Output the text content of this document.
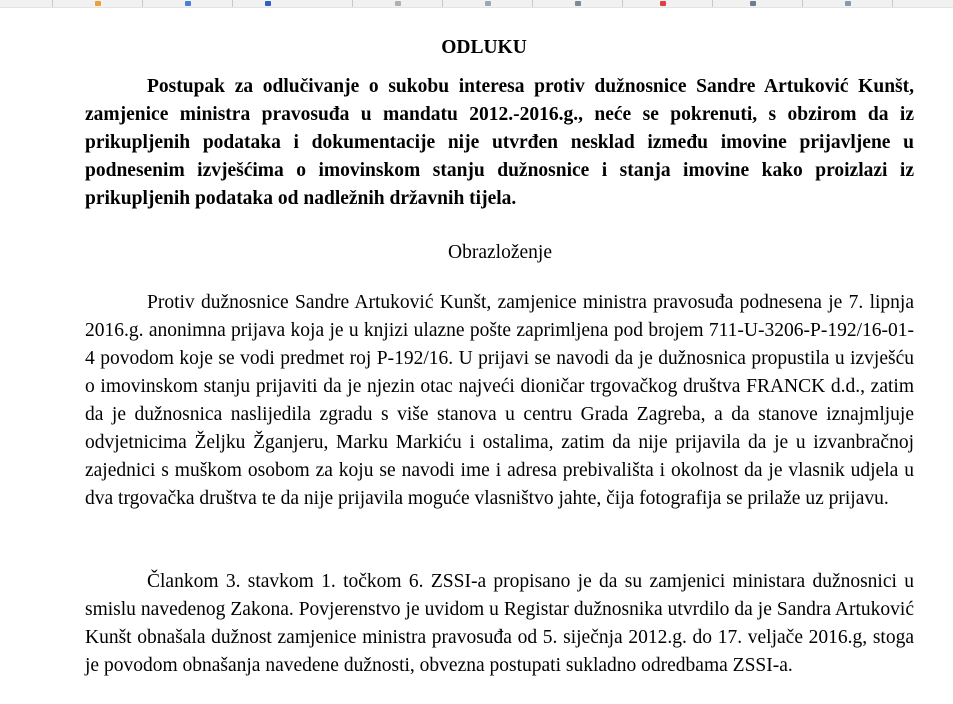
ODLUKU

Postupak za odlučivanje o sukobu interesa protiv dužnosnice Sandre Artuković Kunšt, zamjenice ministra pravosuđa u mandatu 2012.-2016.g., neće se pokrenuti, s obzirom da iz prikupljenih podataka i dokumentacije nije utvrđen nesklad između imovine prijavljene u podnesenim izvješćima o imovinskom stanju dužnosnice i stanja imovine kako proizlazi iz prikupljenih podataka od nadležnih državnih tijela.

Obrazloženje

Protiv dužnosnice Sandre Artuković Kunšt, zamjenice ministra pravosuđa podnesena je 7. lipnja 2016.g. anonimna prijava koja je u knjizi ulazne pošte zaprimljena pod brojem 711-U-3206-P-192/16-01-4 povodom koje se vodi predmet roj P-192/16. U prijavi se navodi da je dužnosnica propustila u izvješću o imovinskom stanju prijaviti da je njezin otac najveći dioničar trgovačkog društva FRANCK d.d., zatim da je dužnosnica naslijedila zgradu s više stanova u centru Grada Zagreba, a da stanove iznajmljuje odvjetnicima Željku Žganjeru, Marku Markiću i ostalima, zatim da nije prijavila da je u izvanbračnoj zajednici s muškom osobom za koju se navodi ime i adresa prebivališta i okolnost da je vlasnik udjela u dva trgovačka društva te da nije prijavila moguće vlasništvo jahte, čija fotografija se prilaže uz prijavu.

Člankom 3. stavkom 1. točkom 6. ZSSI-a propisano je da su zamjenici ministara dužnosnici u smislu navedenog Zakona. Povjerenstvo je uvidom u Registar dužnosnika utvrdilo da je Sandra Artuković Kunšt obnašala dužnost zamjenice ministra pravosuđa od 5. siječnja 2012.g. do 17. veljače 2016.g, stoga je povodom obnašanja navedene dužnosti, obvezna postupati sukladno odredbama ZSSI-a.
